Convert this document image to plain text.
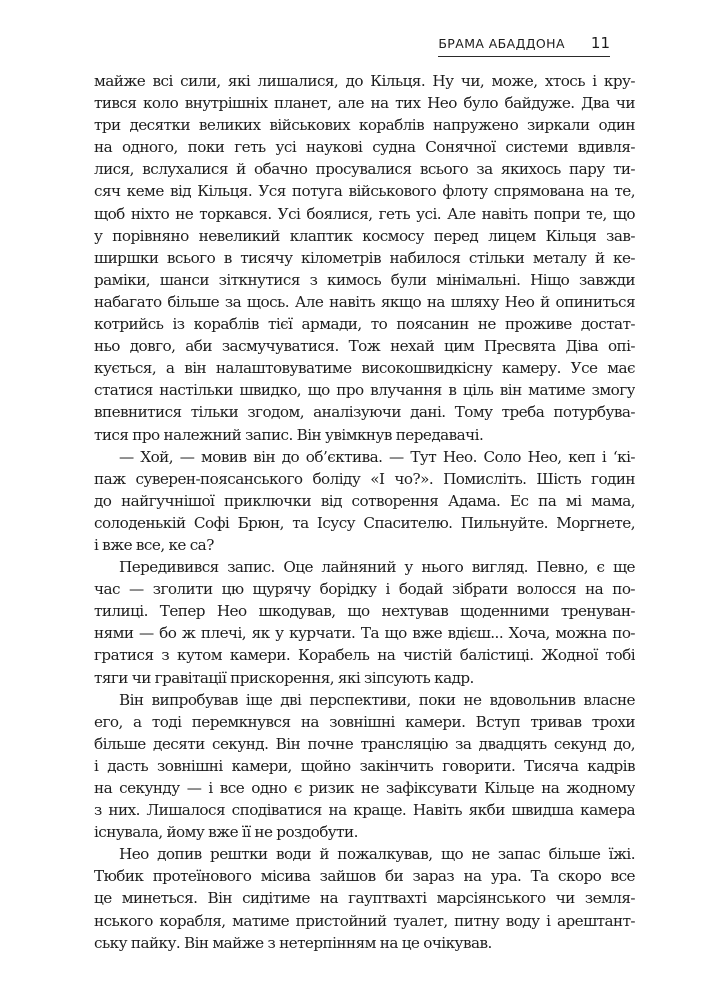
БРАМА АБАДДОНА	11
майже всі сили, які лишалися, до Кільця. Ну чи, може, хтось і кру-
тився коло внутрішніх планет, але на тих Нео було байдуже. Два чи
три десятки великих військових кораблів напружено зиркали один
на одного, поки геть усі наукові судна Сонячної системи вдивля-
лися, вслухалися й обачно просувалися всього за якихось пару ти-
сяч кеме від Кільця. Уся потуга військового флоту спрямована на те,
щоб ніхто не торкався. Усі боялися, геть усі. Але навіть попри те, що
у порівняно невеликий клаптик космосу перед лицем Кільця зав-
ширшки всього в тисячу кілометрів набилося стільки металу й ке-
раміки, шанси зіткнутися з кимось були мінімальні. Ніщо завжди
набагато більше за щось. Але навіть якщо на шляху Нео й опиниться
котрийсь із кораблів тієї армади, то поясанин не проживе достат-
ньо довго, аби засмучуватися. Тож нехай цим Пресвята Діва опі-
кується, а він налаштовуватиме високошвидкісну камеру. Усе має
статися настільки швидко, що про влучання в ціль він матиме змогу
впевнитися тільки згодом, аналізуючи дані. Тому треба потурбува-
тися про належний запис. Він увімкнув передавачі.
— Хой, — мовив він до об’єктива. — Тут Нео. Соло Нео, кеп і ‘кі-
паж суверен-поясанського боліду «І чо?». Помисліть. Шість годин
до найгучнішої приключки від сотворення Адама. Ес па мі мама,
солоденькій Софі Брюн, та Ісусу Спасителю. Пильнуйте. Моргнете,
і вже все, ке са?
Передивився запис. Оце лайняний у нього вигляд. Певно, є ще
час — зголити цю щурячу борідку і бодай зібрати волосся на по-
тилиці. Тепер Нео шкодував, що нехтував щоденними тренуван-
нями — бо ж плечі, як у курчати. Та що вже вдієш... Хоча, можна по-
гратися з кутом камери. Корабель на чистій балістиці. Жодної тобі
тяги чи гравітації прискорення, які зіпсують кадр.
Він випробував іще дві перспективи, поки не вдовольнив власне
его, а тоді перемкнувся на зовнішні камери. Вступ тривав трохи
більше десяти секунд. Він почне трансляцію за двадцять секунд до,
і дасть зовнішні камери, щойно закінчить говорити. Тисяча кадрів
на секунду — і все одно є ризик не зафіксувати Кільце на жодному
з них. Лишалося сподіватися на краще. Навіть якби швидша камера
існувала, йому вже її не роздобути.
Нео допив рештки води й пожалкував, що не запас більше їжі.
Тюбик протеїнового місива зайшов би зараз на ура. Та скоро все
це минеться. Він сидітиме на гауптвахті марсіянського чи земля-
нського корабля, матиме пристойний туалет, питну воду і арештант-
ську пайку. Він майже з нетерпінням на це очікував.
